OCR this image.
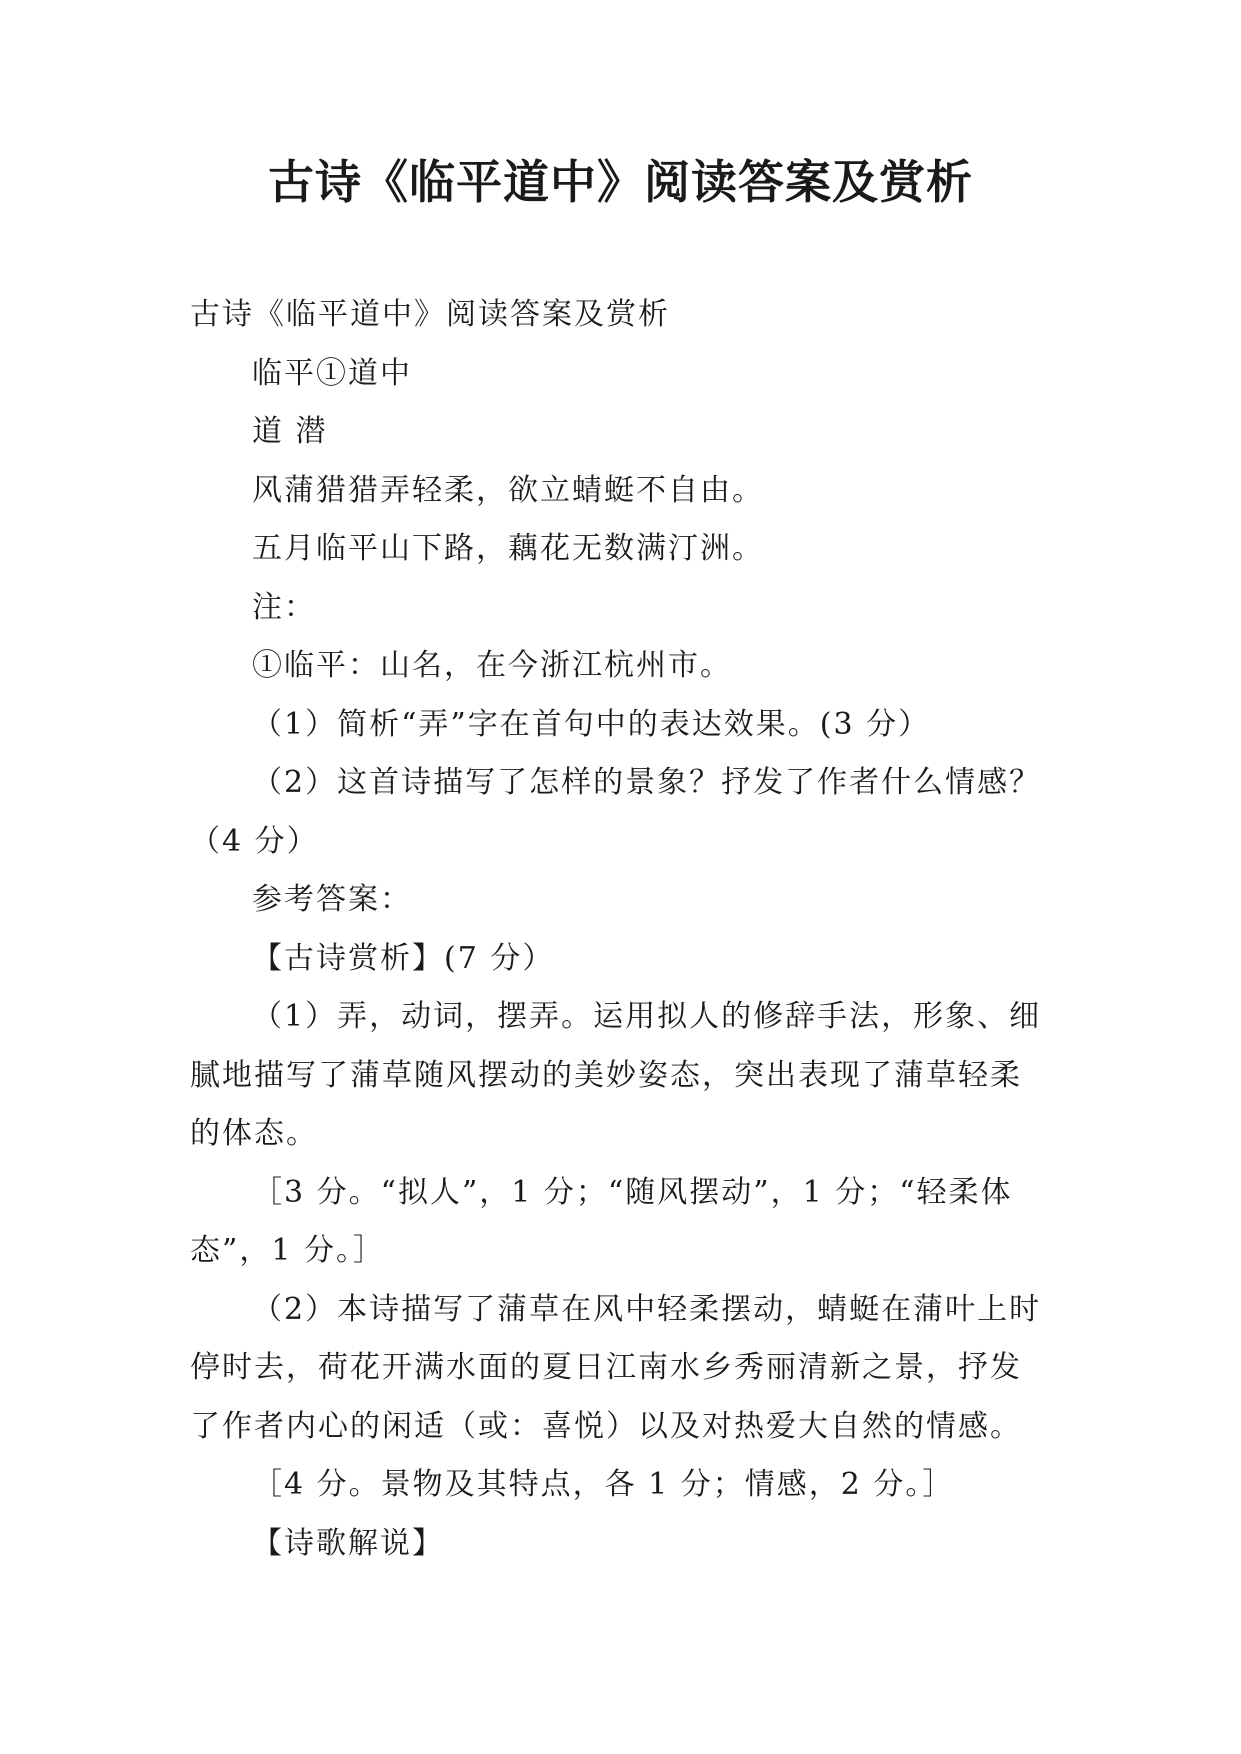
古诗《临平道中》阅读答案及赏析

古诗《临平道中》阅读答案及赏析

临平①道中

道 潜

风蒲猎猎弄轻柔，欲立蜻蜓不自由。

五月临平山下路，藕花无数满汀洲。

注：

①临平：山名，在今浙江杭州市。

（1）简析“弄”字在首句中的表达效果。(3 分）

（2）这首诗描写了怎样的景象？抒发了作者什么情感？（4 分）

参考答案：

【古诗赏析】(7 分）

（1）弄，动词，摆弄。运用拟人的修辞手法，形象、细腻地描写了蒲草随风摆动的美妙姿态，突出表现了蒲草轻柔的体态。

［3 分。“拟人”，1 分；“随风摆动”，1 分；“轻柔体态”，1 分。］

（2）本诗描写了蒲草在风中轻柔摆动，蜻蜓在蒲叶上时停时去，荷花开满水面的夏日江南水乡秀丽清新之景，抒发了作者内心的闲适（或：喜悦）以及对热爱大自然的情感。

［4 分。景物及其特点，各 1 分；情感，2 分。］

【诗歌解说】
